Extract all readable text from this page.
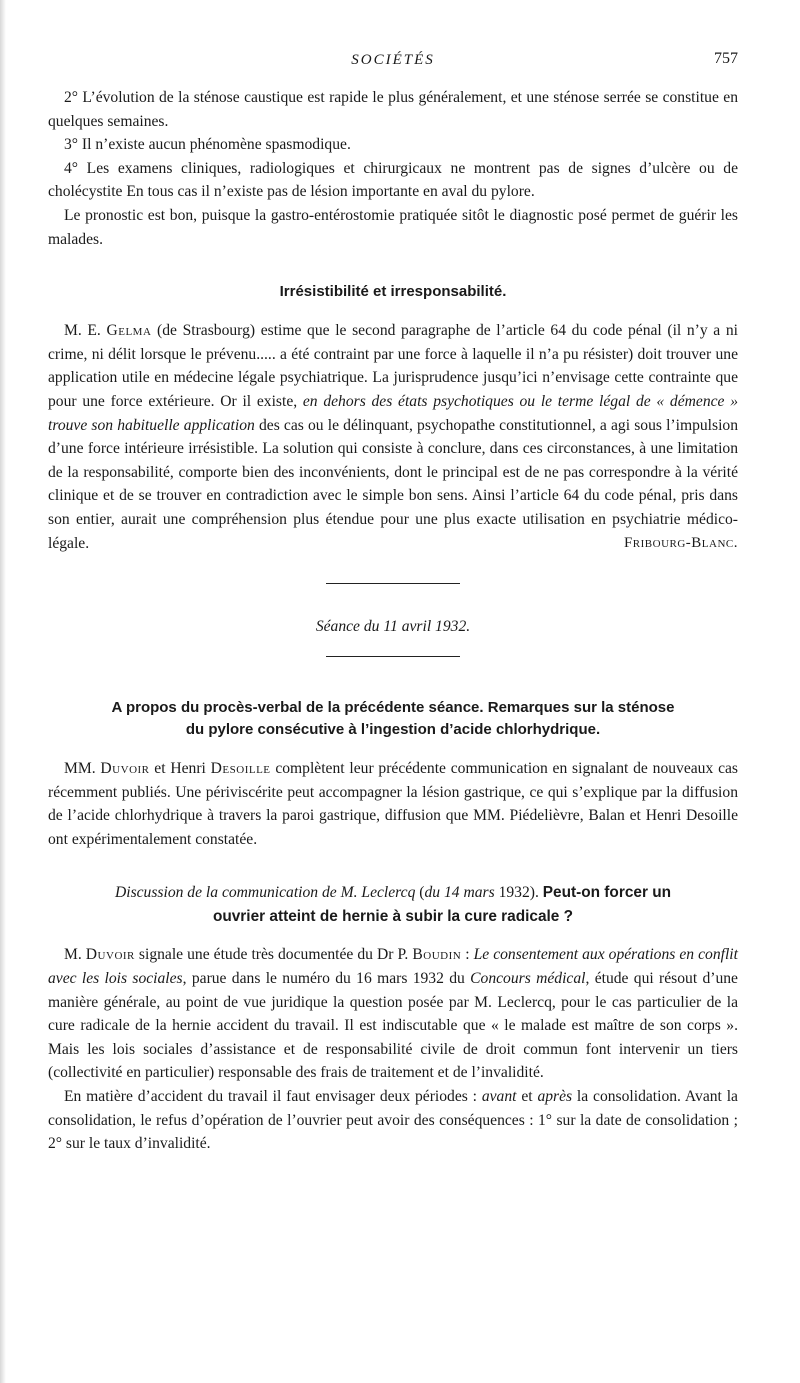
SOCIÉTÉS	757

2° L’évolution de la sténose caustique est rapide le plus généralement, et une sténose serrée se constitue en quelques semaines.

3° Il n’existe aucun phénomène spasmodique.

4° Les examens cliniques, radiologiques et chirurgicaux ne montrent pas de signes d’ulcère ou de cholécystite En tous cas il n’existe pas de lésion importante en aval du pylore.

Le pronostic est bon, puisque la gastro-entérostomie pratiquée sitôt le diagnostic posé permet de guérir les malades.

Irrésistibilité et irresponsabilité.

M. E. Gelma (de Strasbourg) estime que le second paragraphe de l’article 64 du code pénal (il n’y a ni crime, ni délit lorsque le prévenu..... a été contraint par une force à laquelle il n’a pu résister) doit trouver une application utile en médecine légale psychiatrique. La jurisprudence jusqu’ici n’envisage cette contrainte que pour une force extérieure. Or il existe, en dehors des états psychotiques ou le terme légal de « démence » trouve son habituelle application des cas ou le délinquant, psychopathe constitutionnel, a agi sous l’impulsion d’une force intérieure irrésistible. La solution qui consiste à conclure, dans ces circonstances, à une limitation de la responsabilité, comporte bien des inconvénients, dont le principal est de ne pas correspondre à la vérité clinique et de se trouver en contradiction avec le simple bon sens. Ainsi l’article 64 du code pénal, pris dans son entier, aurait une compréhension plus étendue pour une plus exacte utilisation en psychiatrie médico-légale.	Fribourg-Blanc.

Séance du 11 avril 1932.
A propos du procès-verbal de la précédente séance. Remarques sur la sténose
du pylore consécutive à l’ingestion d’acide chlorhydrique.

MM. Duvoir et Henri Desoille complètent leur précédente communication en signalant de nouveaux cas récemment publiés. Une périviscérite peut accompagner la lésion gastrique, ce qui s’explique par la diffusion de l’acide chlorhydrique à travers la paroi gastrique, diffusion que MM. Piédelièvre, Balan et Henri Desoille ont expérimentalement constatée.

Discussion de la communication de M. Leclercq (du 14 mars 1932). Peut-on forcer un
ouvrier atteint de hernie à subir la cure radicale ?

M. Duvoir signale une étude très documentée du Dr P. Boudin : Le consentement aux opérations en conflit avec les lois sociales, parue dans le numéro du 16 mars 1932 du Concours médical, étude qui résout d’une manière générale, au point de vue juridique la question posée par M. Leclercq, pour le cas particulier de la cure radicale de la hernie accident du travail. Il est indiscutable que « le malade est maître de son corps ». Mais les lois sociales d’assistance et de responsabilité civile de droit commun font intervenir un tiers (collectivité en particulier) responsable des frais de traitement et de l’invalidité.

En matière d’accident du travail il faut envisager deux périodes : avant et après la consolidation. Avant la consolidation, le refus d’opération de l’ouvrier peut avoir des conséquences : 1° sur la date de consolidation ; 2° sur le taux d’invalidité.
